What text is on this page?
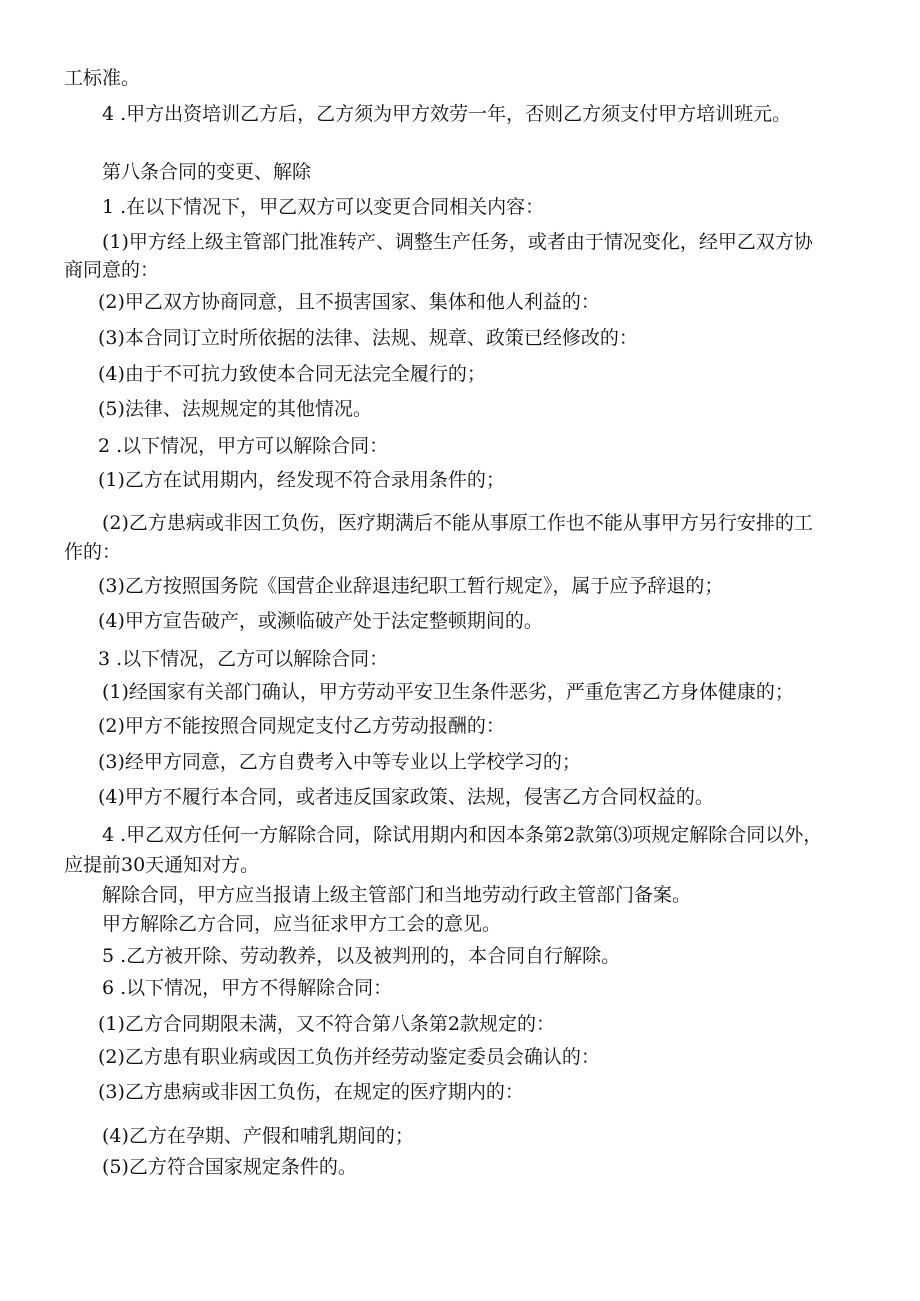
工标准。
4 .甲方出资培训乙方后，乙方须为甲方效劳一年，否则乙方须支付甲方培训班元。
第八条合同的变更、解除
1 .在以下情况下，甲乙双方可以变更合同相关内容：
(1)甲方经上级主管部门批准转产、调整生产任务，或者由于情况变化，经甲乙双方协
商同意的：
(2)甲乙双方协商同意，且不损害国家、集体和他人利益的：
(3)本合同订立时所依据的法律、法规、规章、政策已经修改的：
(4)由于不可抗力致使本合同无法完全履行的；
(5)法律、法规规定的其他情况。
2 .以下情况，甲方可以解除合同：
(1)乙方在试用期内，经发现不符合录用条件的；
(2)乙方患病或非因工负伤，医疗期满后不能从事原工作也不能从事甲方另行安排的工
作的：
(3)乙方按照国务院《国营企业辞退违纪职工暂行规定》，属于应予辞退的；
(4)甲方宣告破产，或濒临破产处于法定整顿期间的。
3 .以下情况，乙方可以解除合同：
(1)经国家有关部门确认，甲方劳动平安卫生条件恶劣，严重危害乙方身体健康的；
(2)甲方不能按照合同规定支付乙方劳动报酬的：
(3)经甲方同意，乙方自费考入中等专业以上学校学习的；
(4)甲方不履行本合同，或者违反国家政策、法规，侵害乙方合同权益的。
4 .甲乙双方任何一方解除合同，除试用期内和因本条第2款第⑶项规定解除合同以外，
应提前30天通知对方。
解除合同，甲方应当报请上级主管部门和当地劳动行政主管部门备案。
甲方解除乙方合同，应当征求甲方工会的意见。
5 .乙方被开除、劳动教养，以及被判刑的，本合同自行解除。
6 .以下情况，甲方不得解除合同：
(1)乙方合同期限未满，又不符合第八条第2款规定的：
(2)乙方患有职业病或因工负伤并经劳动鉴定委员会确认的：
(3)乙方患病或非因工负伤，在规定的医疗期内的：
(4)乙方在孕期、产假和哺乳期间的；
(5)乙方符合国家规定条件的。
